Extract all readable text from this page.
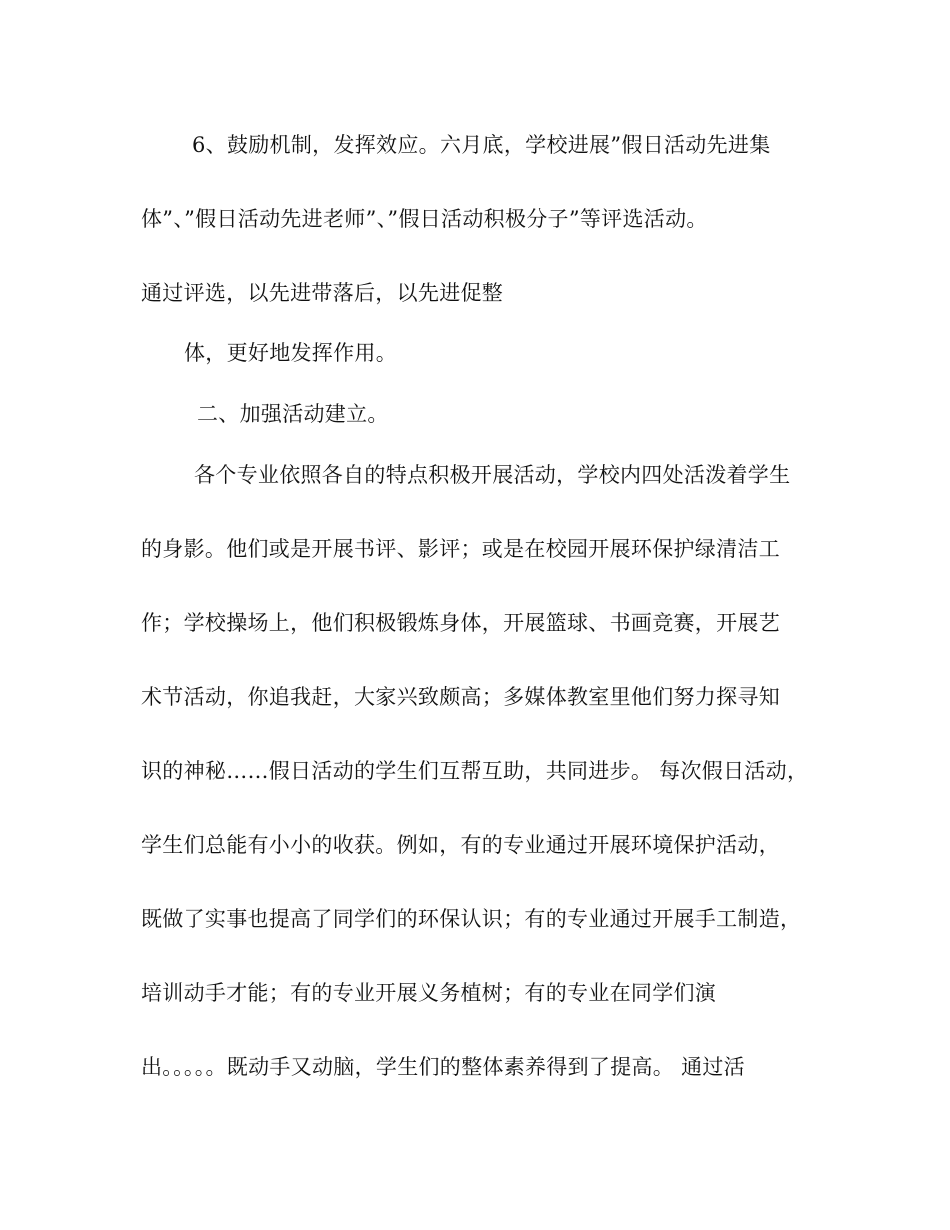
6、鼓励机制，发挥效应。六月底，学校进展”假日活动先进集
体”、”假日活动先进老师”、”假日活动积极分子”等评选活动。
通过评选，以先进带落后，以先进促整
体，更好地发挥作用。
二、加强活动建立。
各个专业依照各自的特点积极开展活动，学校内四处活泼着学生
的身影。他们或是开展书评、影评；或是在校园开展环保护绿清洁工
作；学校操场上，他们积极锻炼身体，开展篮球、书画竞赛，开展艺
术节活动，你追我赶，大家兴致颇高；多媒体教室里他们努力探寻知
识的神秘……假日活动的学生们互帮互助，共同进步。 每次假日活动，
学生们总能有小小的收获。例如，有的专业通过开展环境保护活动，
既做了实事也提高了同学们的环保认识；有的专业通过开展手工制造，
培训动手才能；有的专业开展义务植树；有的专业在同学们演
出。。。。。既动手又动脑，学生们的整体素养得到了提高。 通过活
